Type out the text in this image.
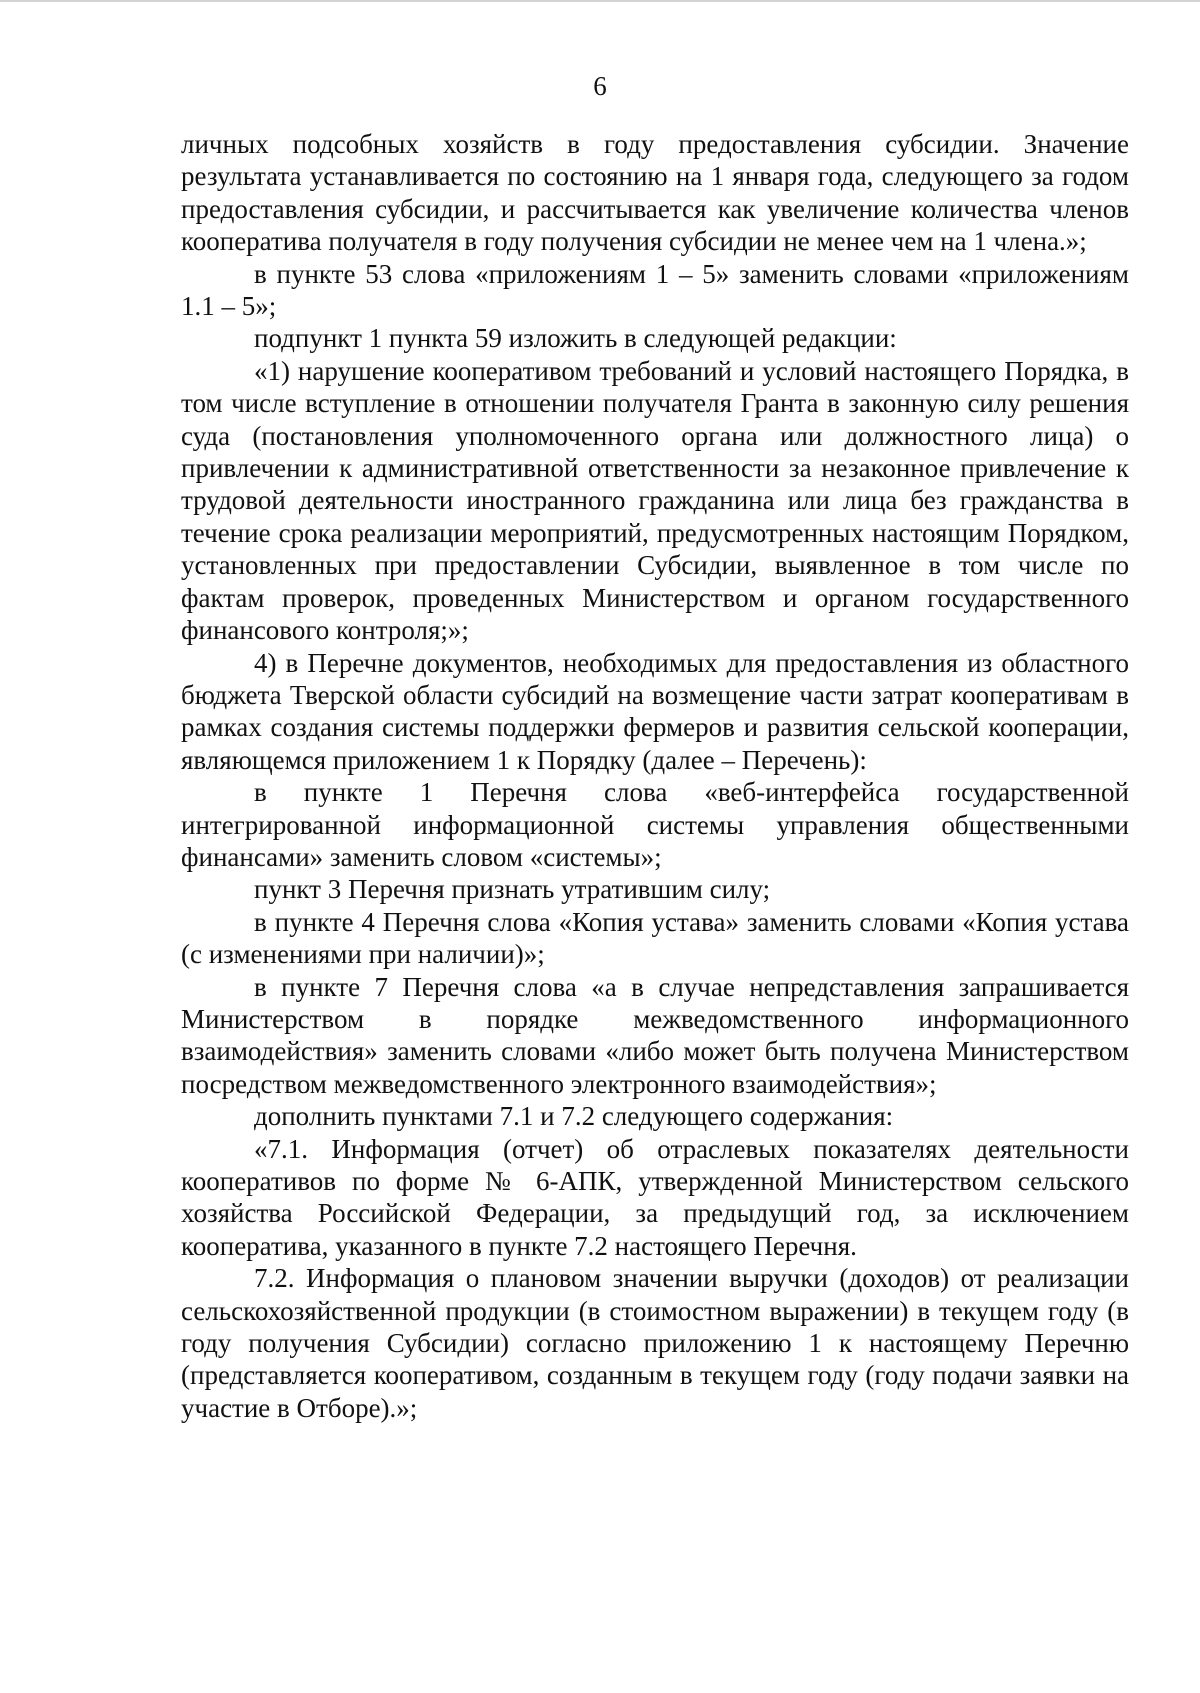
6

личных подсобных хозяйств в году предоставления субсидии. Значение результата устанавливается по состоянию на 1 января года, следующего за годом предоставления субсидии, и рассчитывается как увеличение количества членов кооператива получателя в году получения субсидии не менее чем на 1 члена.»;

в пункте 53 слова «приложениям 1 – 5» заменить словами «приложениям 1.1 – 5»;

подпункт 1 пункта 59 изложить в следующей редакции:

«1) нарушение кооперативом требований и условий настоящего Порядка, в том числе вступление в отношении получателя Гранта в законную силу решения суда (постановления уполномоченного органа или должностного лица) о привлечении к административной ответственности за незаконное привлечение к трудовой деятельности иностранного гражданина или лица без гражданства в течение срока реализации мероприятий, предусмотренных настоящим Порядком, установленных при предоставлении Субсидии, выявленное в том числе по фактам проверок, проведенных Министерством и органом государственного финансового контроля;»;

4) в Перечне документов, необходимых для предоставления из областного бюджета Тверской области субсидий на возмещение части затрат кооперативам в рамках создания системы поддержки фермеров и развития сельской кооперации, являющемся приложением 1 к Порядку (далее – Перечень):

в пункте 1 Перечня слова «веб-интерфейса государственной интегрированной информационной системы управления общественными финансами» заменить словом «системы»;

пункт 3 Перечня признать утратившим силу;

в пункте 4 Перечня слова «Копия устава» заменить словами «Копия устава (с изменениями при наличии)»;

в пункте 7 Перечня слова «а в случае непредставления запрашивается Министерством в порядке межведомственного информационного взаимодействия» заменить словами «либо может быть получена Министерством посредством межведомственного электронного взаимодействия»;

дополнить пунктами 7.1 и 7.2 следующего содержания:

«7.1. Информация (отчет) об отраслевых показателях деятельности кооперативов по форме № 6-АПК, утвержденной Министерством сельского хозяйства Российской Федерации, за предыдущий год, за исключением кооператива, указанного в пункте 7.2 настоящего Перечня.

7.2. Информация о плановом значении выручки (доходов) от реализации сельскохозяйственной продукции (в стоимостном выражении) в текущем году (в году получения Субсидии) согласно приложению 1 к настоящему Перечню (представляется кооперативом, созданным в текущем году (году подачи заявки на участие в Отборе).»;
